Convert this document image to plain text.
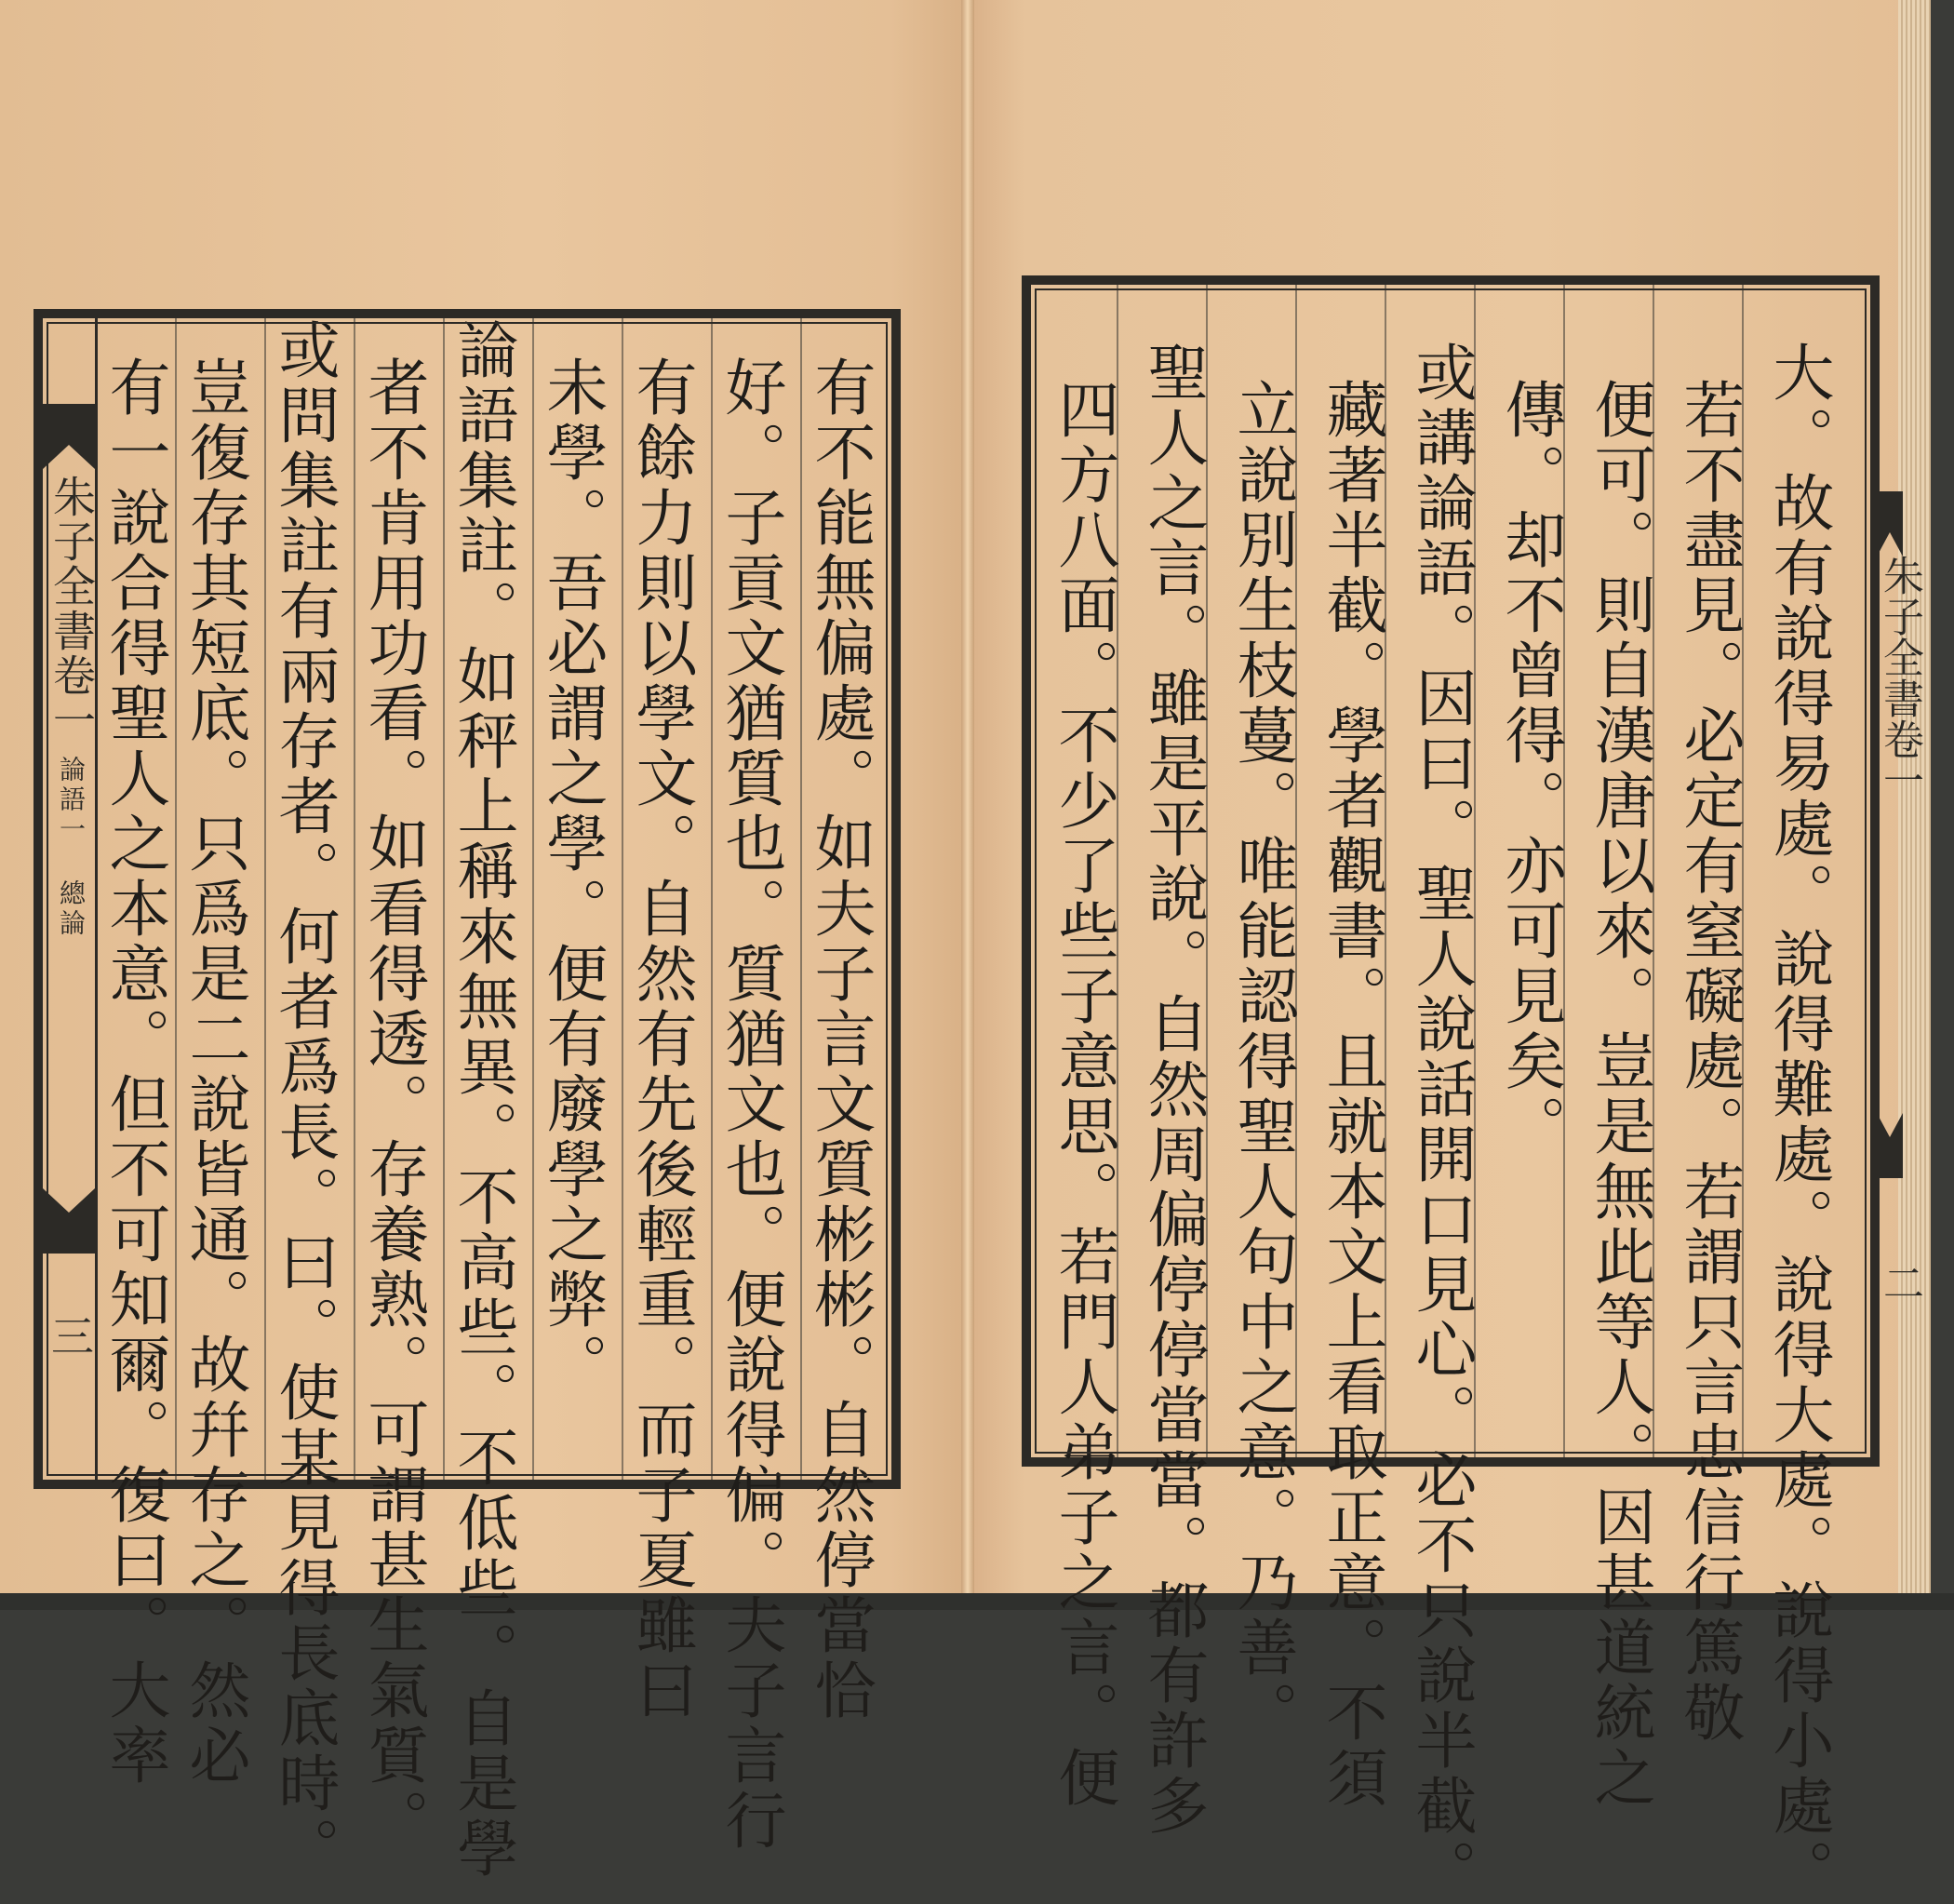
朱子全書卷一
論語一 總論
三	有不能無偏處。如夫子言文質彬彬。自然停當恰
好。子貢文猶質也。質猶文也。便說得偏。夫子言行
有餘力則以學文。自然有先後輕重。而子夏雖曰
未學。吾必謂之學。便有廢學之弊。
論語集註。如秤上稱來無異。不高些。不低些。自是學
者不肯用功看。如看得透。存養熟。可謂甚生氣質。
或問集註有兩存者。何者爲長。曰。使某見得長底時。
豈復存其短底。只爲是二說皆通。故幷存之。然必
有一說合得聖人之本意。但不可知爾。復曰。大率	大。故有說得易處。說得難處。說得大處。說得小處。
若不盡見。必定有窒礙處。若謂只言忠信行篤敬
便可。則自漢唐以來。豈是無此等人。因甚道統之
傳。却不曾得。亦可見矣。
或講論語。因曰。聖人說話開口見心。必不只說半截。
藏著半截。學者觀書。且就本文上看取正意。不須
立說別生枝蔓。唯能認得聖人句中之意。乃善。
聖人之言。雖是平說。自然周偏停停當當。都有許多
四方八面。不少了些子意思。若門人弟子之言。便	朱子全書卷一
二
